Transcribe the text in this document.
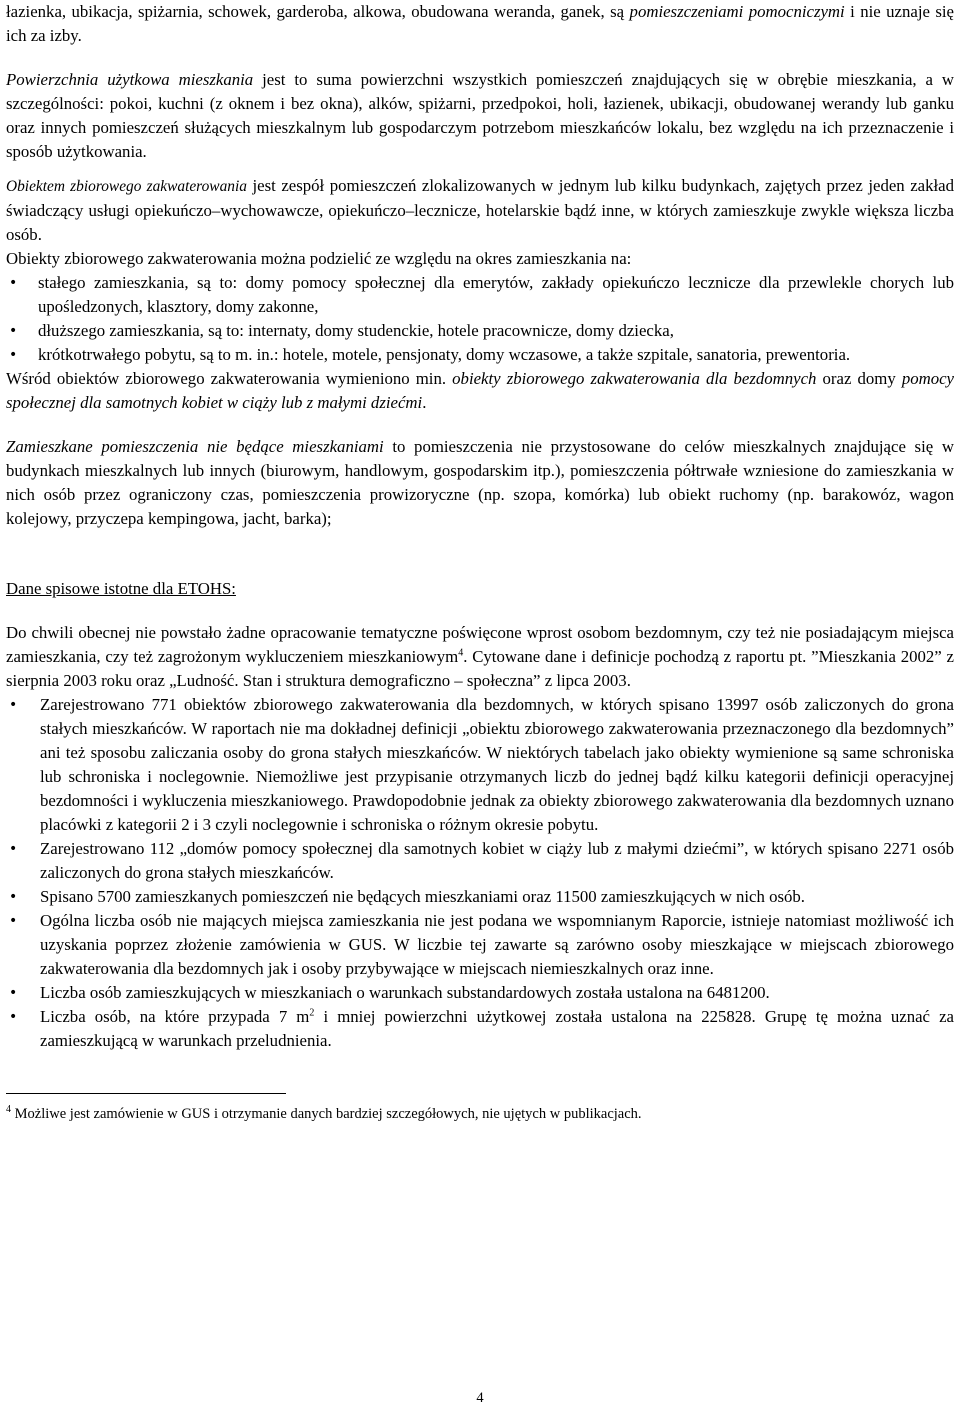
łazienka, ubikacja, spiżarnia, schowek, garderoba, alkowa, obudowana weranda, ganek, są pomieszczeniami pomocniczymi i nie uznaje się ich za izby.

Powierzchnia użytkowa mieszkania jest to suma powierzchni wszystkich pomieszczeń znajdujących się w obrębie mieszkania, a w szczególności: pokoi, kuchni (z oknem i bez okna), alków, spiżarni, przedpokoi, holi, łazienek, ubikacji, obudowanej werandy lub ganku oraz innych pomieszczeń służących mieszkalnym lub gospodarczym potrzebom mieszkańców lokalu, bez względu na ich przeznaczenie i sposób użytkowania.

Obiektem zbiorowego zakwaterowania jest zespół pomieszczeń zlokalizowanych w jednym lub kilku budynkach, zajętych przez jeden zakład świadczący usługi opiekuńczo–wychowawcze, opiekuńczo–lecznicze, hotelarskie bądź inne, w których zamieszkuje zwykle większa liczba osób.

Obiekty zbiorowego zakwaterowania można podzielić ze względu na okres zamieszkania na:

• stałego zamieszkania, są to: domy pomocy społecznej dla emerytów, zakłady opiekuńczo lecznicze dla przewlekle chorych lub upośledzonych, klasztory, domy zakonne,
• dłuższego zamieszkania, są to: internaty, domy studenckie, hotele pracownicze, domy dziecka,
• krótkotrwałego pobytu, są to m. in.: hotele, motele, pensjonaty, domy wczasowe, a także szpitale, sanatoria, prewentoria.

Wśród obiektów zbiorowego zakwaterowania wymieniono min. obiekty zbiorowego zakwaterowania dla bezdomnych oraz domy pomocy społecznej dla samotnych kobiet w ciąży lub z małymi dziećmi.

Zamieszkane pomieszczenia nie będące mieszkaniami to pomieszczenia nie przystosowane do celów mieszkalnych znajdujące się w budynkach mieszkalnych lub innych (biurowym, handlowym, gospodarskim itp.), pomieszczenia półtrwałe wzniesione do zamieszkania w nich osób przez ograniczony czas, pomieszczenia prowizoryczne (np. szopa, komórka) lub obiekt ruchomy (np. barakowóz, wagon kolejowy, przyczepa kempingowa, jacht, barka);

Dane spisowe istotne dla ETOHS:

Do chwili obecnej nie powstało żadne opracowanie tematyczne poświęcone wprost osobom bezdomnym, czy też nie posiadającym miejsca zamieszkania, czy też zagrożonym wykluczeniem mieszkaniowym$^4$. Cytowane dane i definicje pochodzą z raportu pt. ”Mieszkania 2002” z sierpnia 2003 roku oraz „Ludność. Stan i struktura demograficzno – społeczna” z lipca 2003.

• Zarejestrowano 771 obiektów zbiorowego zakwaterowania dla bezdomnych, w których spisano 13997 osób zaliczonych do grona stałych mieszkańców. W raportach nie ma dokładnej definicji „obiektu zbiorowego zakwaterowania przeznaczonego dla bezdomnych” ani też sposobu zaliczania osoby do grona stałych mieszkańców. W niektórych tabelach jako obiekty wymienione są same schroniska lub schroniska i noclegownie. Niemożliwe jest przypisanie otrzymanych liczb do jednej bądź kilku kategorii definicji operacyjnej bezdomności i wykluczenia mieszkaniowego. Prawdopodobnie jednak za obiekty zbiorowego zakwaterowania dla bezdomnych uznano placówki z kategorii 2 i 3 czyli noclegownie i schroniska o różnym okresie pobytu.
• Zarejestrowano 112 „domów pomocy społecznej dla samotnych kobiet w ciąży lub z małymi dziećmi”, w których spisano 2271 osób zaliczonych do grona stałych mieszkańców.
• Spisano 5700 zamieszkanych pomieszczeń nie będących mieszkaniami oraz 11500 zamieszkujących w nich osób.
• Ogólna liczba osób nie mających miejsca zamieszkania nie jest podana we wspomnianym Raporcie, istnieje natomiast możliwość ich uzyskania poprzez złożenie zamówienia w GUS. W liczbie tej zawarte są zarówno osoby mieszkające w miejscach zbiorowego zakwaterowania dla bezdomnych jak i osoby przybywające w miejscach niemieszkalnych oraz inne.
• Liczba osób zamieszkujących w mieszkaniach o warunkach substandardowych została ustalona na 6481200.
• Liczba osób, na które przypada 7 $m^2$ i mniej powierzchni użytkowej została ustalona na 225828. Grupę tę można uznać za zamieszkującą w warunkach przeludnienia.

$^4$ Możliwe jest zamówienie w GUS i otrzymanie danych bardziej szczegółowych, nie ujętych w publikacjach.

4
